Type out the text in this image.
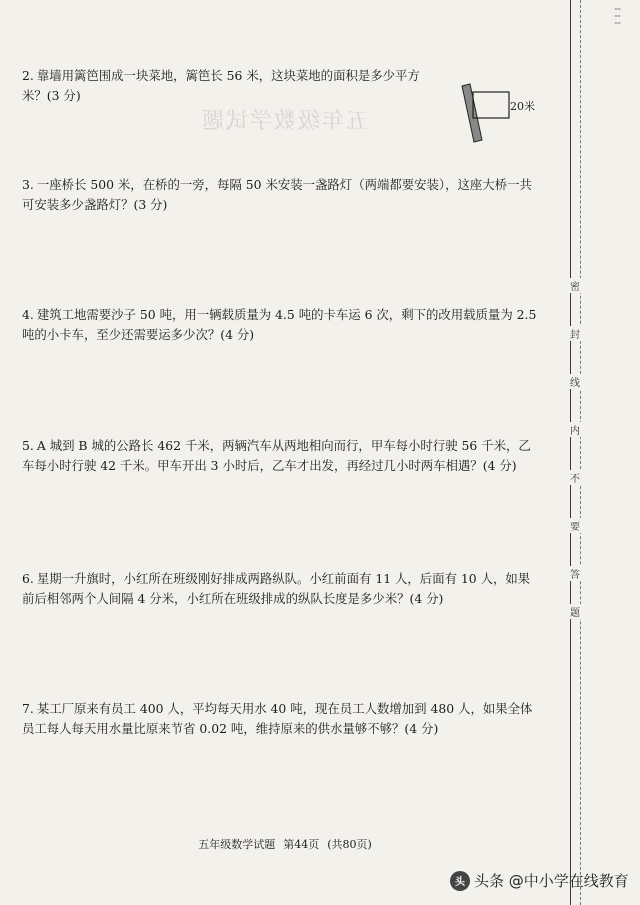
五年级数学试题
2. 靠墙用篱笆围成一块菜地，篱笆长 56 米，这块菜地的面积是多少平方米？(3 分)
20米
3. 一座桥长 500 米，在桥的一旁，每隔 50 米安装一盏路灯（两端都要安装），这座大桥一共可安装多少盏路灯？(3 分)
4. 建筑工地需要沙子 50 吨，用一辆载质量为 4.5 吨的卡车运 6 次，剩下的改用载质量为 2.5 吨的小卡车，至少还需要运多少次？(4 分)
5. A 城到 B 城的公路长 462 千米，两辆汽车从两地相向而行，甲车每小时行驶 56 千米，乙车每小时行驶 42 千米。甲车开出 3 小时后，乙车才出发，再经过几小时两车相遇？(4 分)
6. 星期一升旗时，小红所在班级刚好排成两路纵队。小红前面有 11 人，后面有 10 人，如果前后相邻两个人间隔 4 分米，小红所在班级排成的纵队长度是多少米？(4 分)
7. 某工厂原来有员工 400 人，平均每天用水 40 吨，现在员工人数增加到 480 人，如果全体员工每人每天用水量比原来节省 0.02 吨，维持原来的供水量够不够？(4 分)
····
····
····
密
封
线
内
不
要
答
题
五年级数学试题 第44页 (共80页)
头 头条 @中小学在线教育
